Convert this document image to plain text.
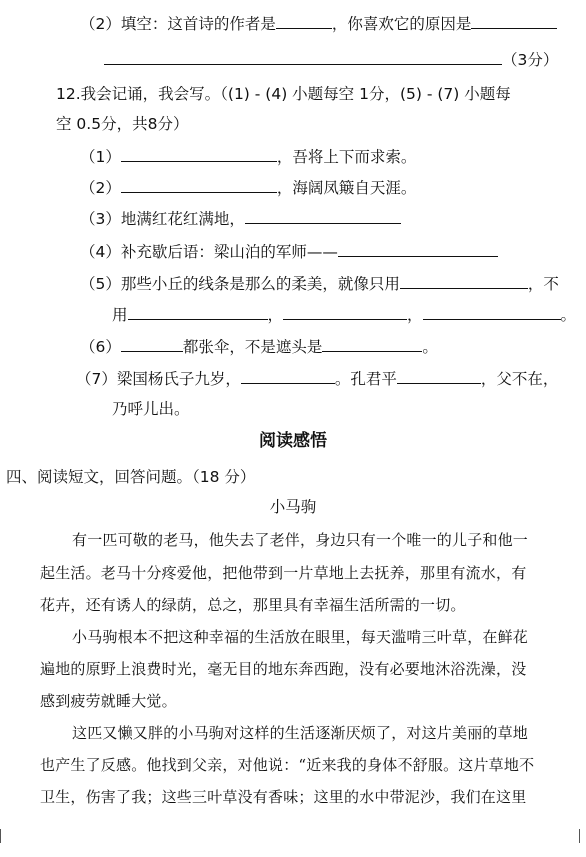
（2）填空：这首诗的作者是	，你喜欢它的原因是
（3分）
12.我会记诵，我会写。（(1) - (4) 小题每空 1分，(5) - (7) 小题每
空 0.5分，共8分）
（1）	，吾将上下而求索。
（2）	，海阔凤簸自天涯。
（3）地满红花红满地，
（4）补充歇后语：梁山泊的军师——
（5）那些小丘的线条是那么的柔美，就像只用	，不
用	，	，	。
（6）	都张伞，不是遮头是	。
（7）梁国杨氏子九岁，	。孔君平	，父不在，
乃呼儿出。
阅读感悟
四、阅读短文，回答问题。（18 分）
小马驹
有一匹可敬的老马，他失去了老伴，身边只有一个唯一的儿子和他一
起生活。老马十分疼爱他，把他带到一片草地上去抚养，那里有流水，有
花卉，还有诱人的绿荫，总之，那里具有幸福生活所需的一切。
小马驹根本不把这种幸福的生活放在眼里，每天滥啃三叶草，在鲜花
遍地的原野上浪费时光，毫无目的地东奔西跑，没有必要地沐浴洗澡，没
感到疲劳就睡大觉。
这匹又懒又胖的小马驹对这样的生活逐渐厌烦了，对这片美丽的草地
也产生了反感。他找到父亲，对他说：“近来我的身体不舒服。这片草地不
卫生，伤害了我；这些三叶草没有香味；这里的水中带泥沙，我们在这里
